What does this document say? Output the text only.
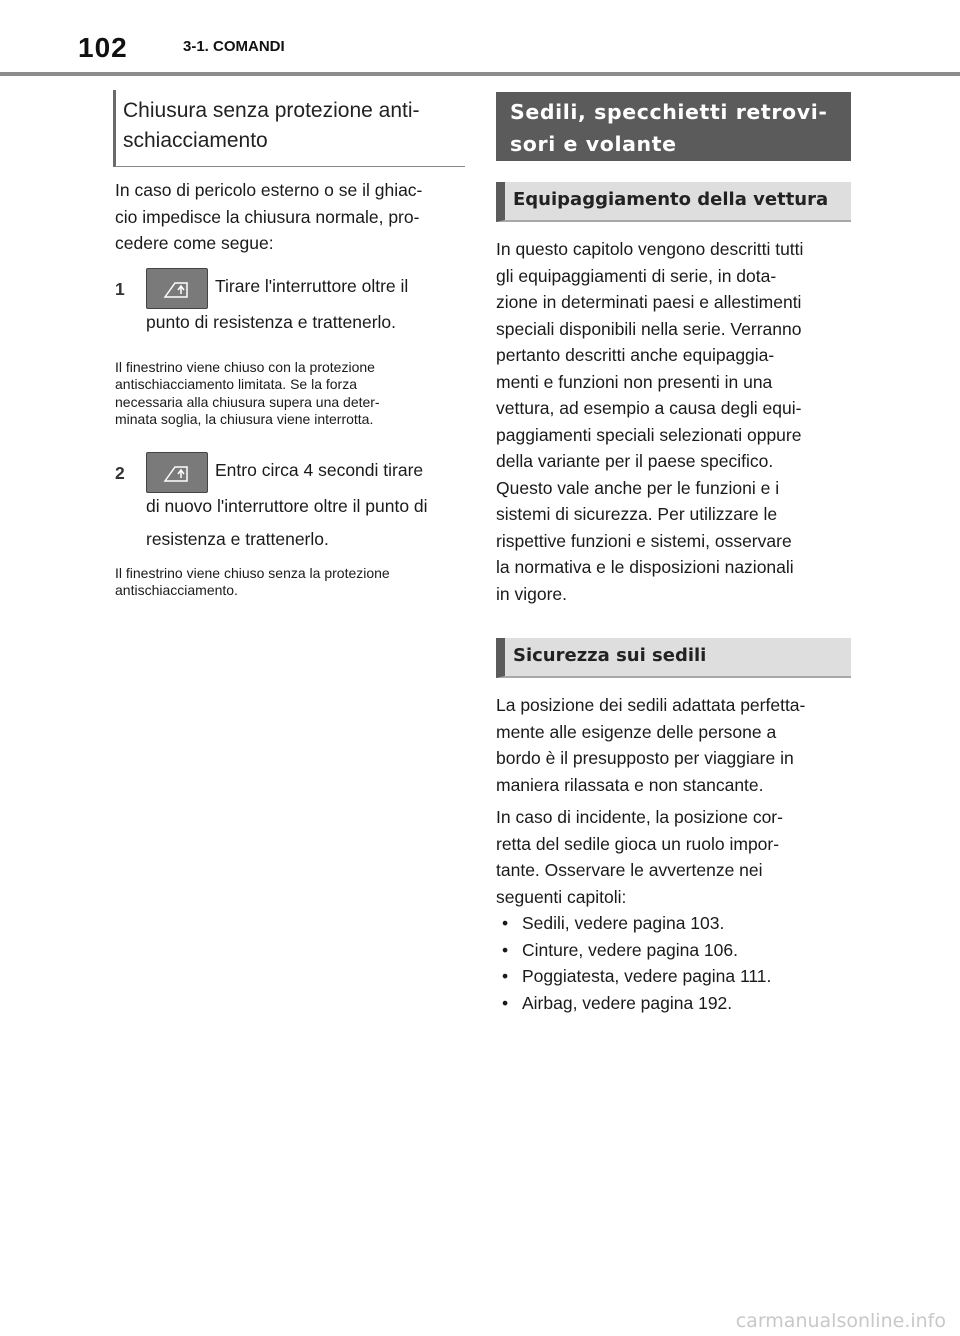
102	3-1. COMANDI
Chiusura senza protezione anti-
schiacciamento

In caso di pericolo esterno o se il ghiac-

cio impedisce la chiusura normale, pro-

cedere come segue:

1	Tirare l'interruttore oltre il

punto di resistenza e trattenerlo.

Il finestrino viene chiuso con la protezione

antischiacciamento limitata. Se la forza

necessaria alla chiusura supera una deter-

minata soglia, la chiusura viene interrotta.

2	Entro circa 4 secondi tirare

di nuovo l'interruttore oltre il punto di

resistenza e trattenerlo.

Il finestrino viene chiuso senza la protezione

antischiacciamento.

Sedili, specchietti retrovi-
sori e volante
Equipaggiamento della vettura

In questo capitolo vengono descritti tutti

gli equipaggiamenti di serie, in dota-

zione in determinati paesi e allestimenti

speciali disponibili nella serie. Verranno

pertanto descritti anche equipaggia-

menti e funzioni non presenti in una

vettura, ad esempio a causa degli equi-

paggiamenti speciali selezionati oppure

della variante per il paese specifico.

Questo vale anche per le funzioni e i

sistemi di sicurezza. Per utilizzare le

rispettive funzioni e sistemi, osservare

la normativa e le disposizioni nazionali

in vigore.

Sicurezza sui sedili

La posizione dei sedili adattata perfetta-

mente alle esigenze delle persone a

bordo è il presupposto per viaggiare in

maniera rilassata e non stancante.

In caso di incidente, la posizione cor-

retta del sedile gioca un ruolo impor-

tante. Osservare le avvertenze nei

seguenti capitoli:

• Sedili, vedere pagina 103.
• Cinture, vedere pagina 106.
• Poggiatesta, vedere pagina 111.
• Airbag, vedere pagina 192.
carmanualsonline.info
